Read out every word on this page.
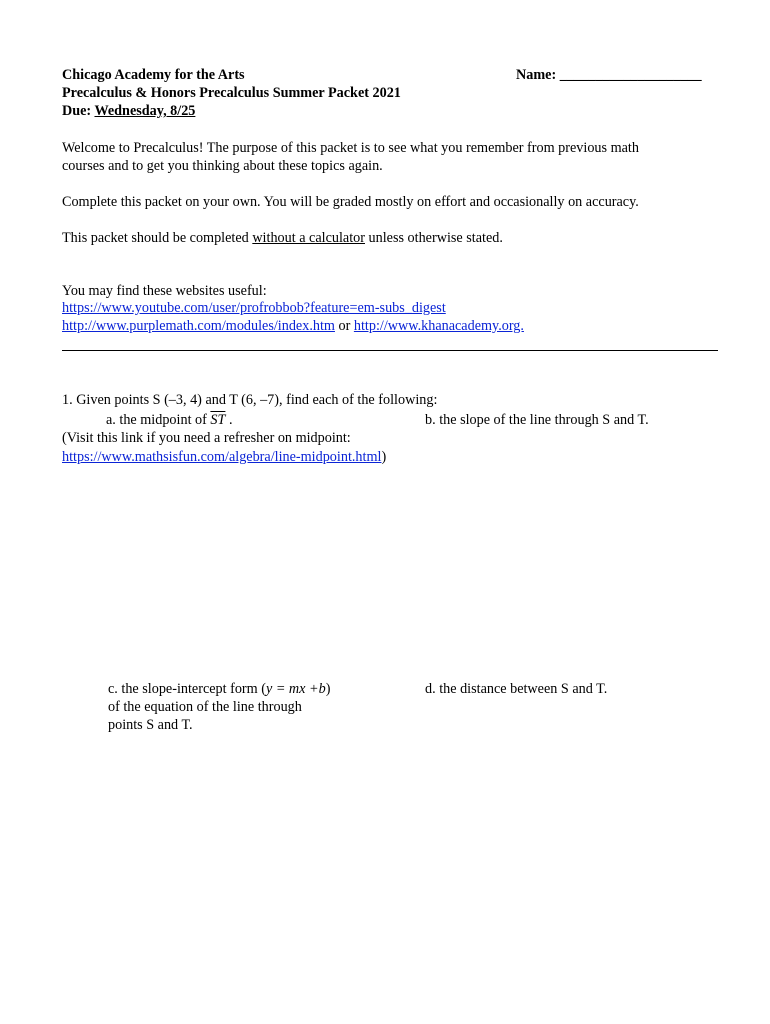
Chicago Academy for the Arts	Name: ____________________
Precalculus & Honors Precalculus Summer Packet 2021
Due: Wednesday, 8/25
Welcome to Precalculus! The purpose of this packet is to see what you remember from previous math
courses and to get you thinking about these topics again.
Complete this packet on your own. You will be graded mostly on effort and occasionally on accuracy.
This packet should be completed without a calculator unless otherwise stated.
You may find these websites useful:
https://www.youtube.com/user/profrobbob?feature=em-subs_digest
http://www.purplemath.com/modules/index.htm or http://www.khanacademy.org.
1. Given points S (–3, 4) and T (6, –7), find each of the following:
a. the midpoint of $\overline{ST}$ .	b. the slope of the line through S and T.
(Visit this link if you need a refresher on midpoint:
https://www.mathsisfun.com/algebra/line-midpoint.html)
c. the slope-intercept form (y = mx +b)
of the equation of the line through
points S and T.
d. the distance between S and T.
